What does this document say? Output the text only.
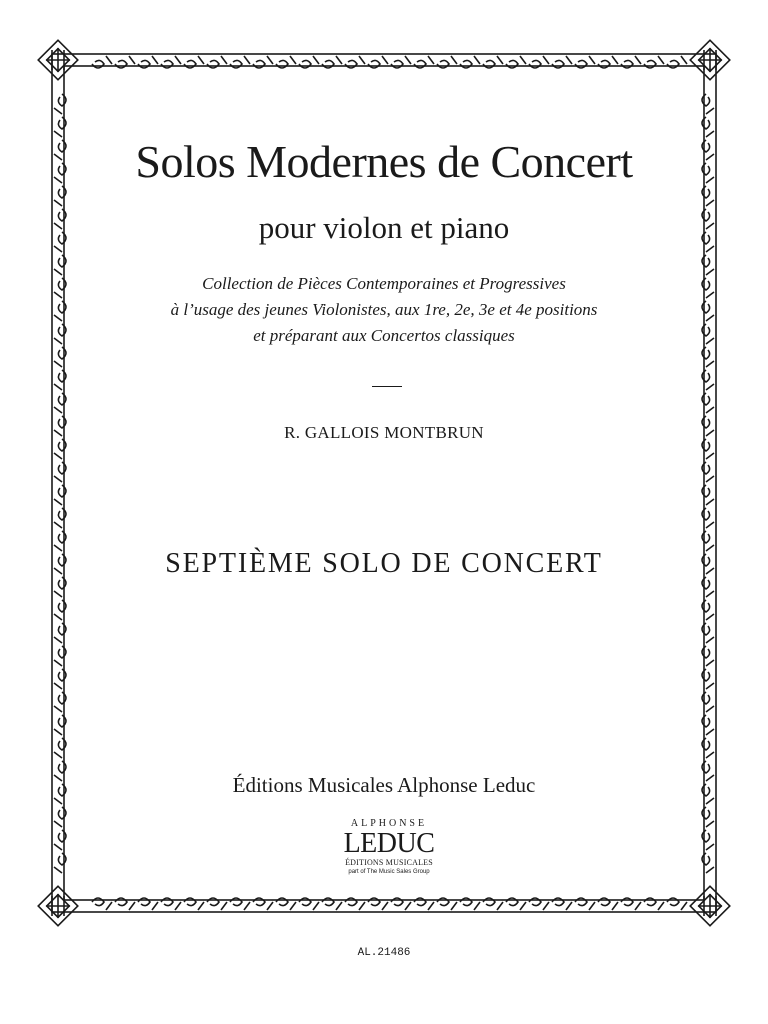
Solos Modernes de Concert
pour violon et piano
Collection de Pièces Contemporaines et Progressives
à l’usage des jeunes Violonistes, aux 1re, 2e, 3e et 4e positions
et préparant aux Concertos classiques
R. GALLOIS MONTBRUN
SEPTIÈME SOLO DE CONCERT
Éditions Musicales Alphonse Leduc
ALPHONSE
LEDUC
ÉDITIONS MUSICALES
part of The Music Sales Group
AL.21486
